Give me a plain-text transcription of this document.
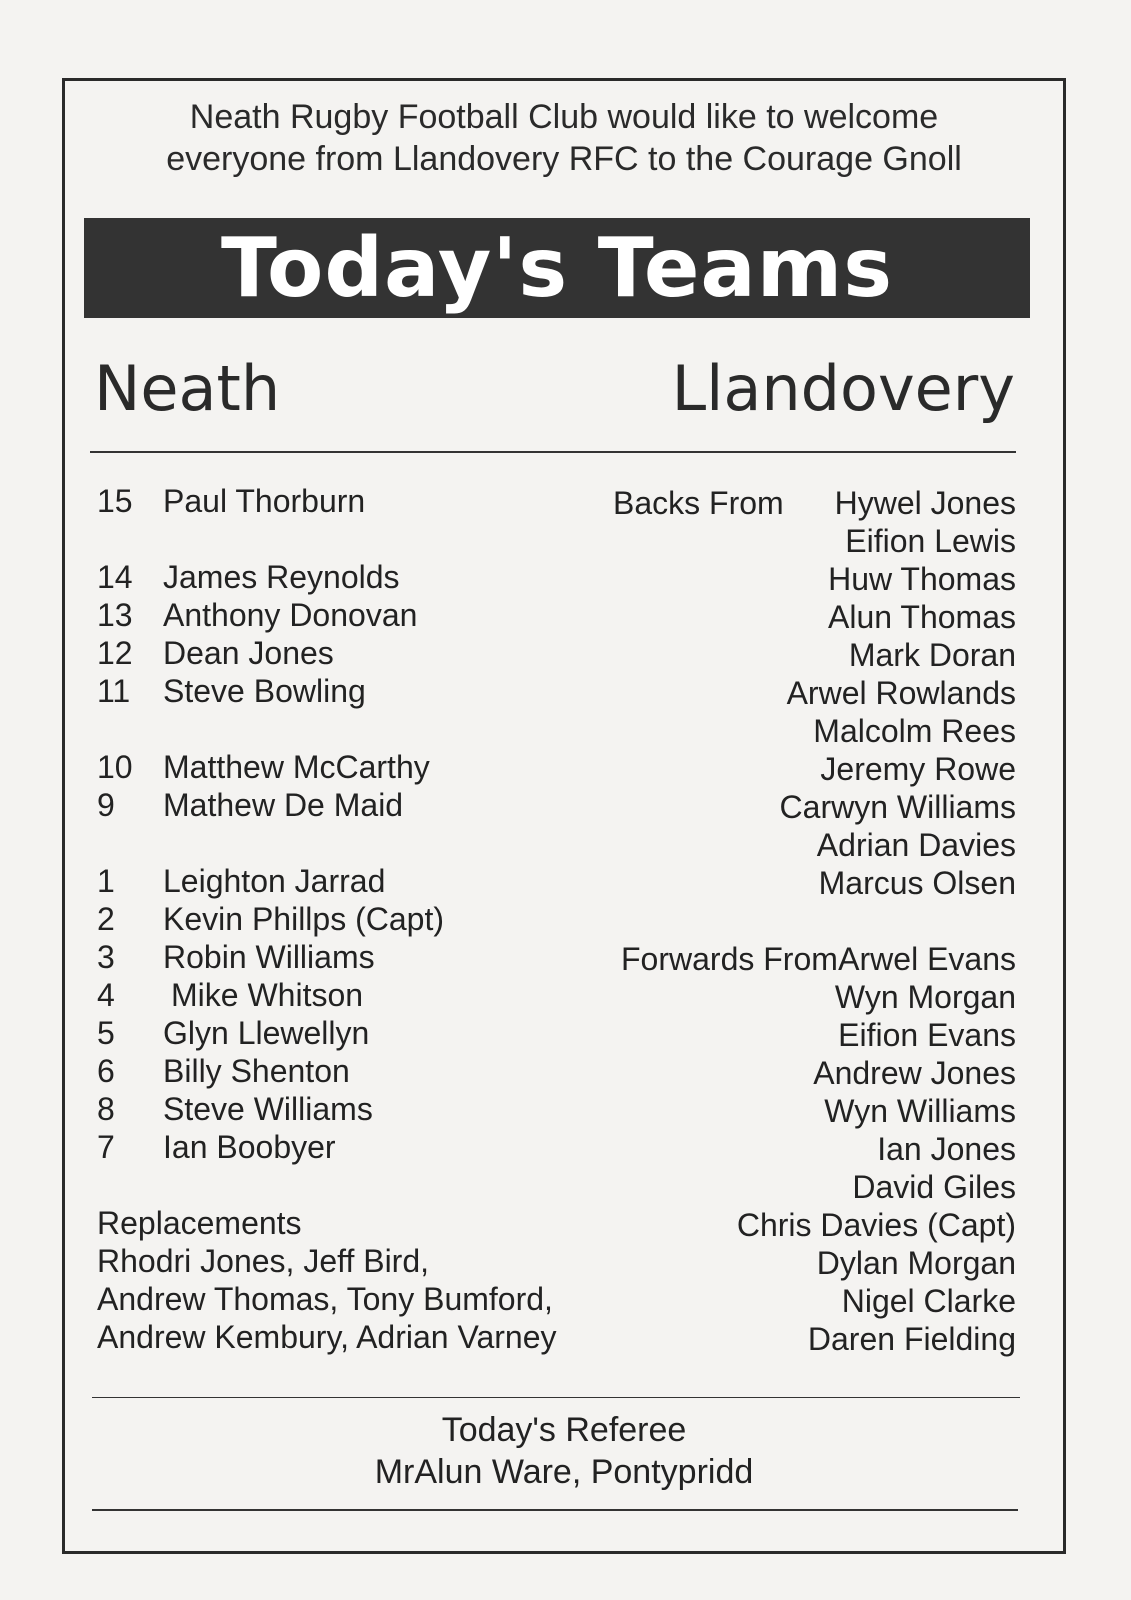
Neath Rugby Football Club would like to welcome
everyone from Llandovery RFC to the Courage Gnoll
Today's Teams
Neath	Llandovery
15 Paul Thorburn
14 James Reynolds
13 Anthony Donovan
12 Dean Jones
11 Steve Bowling
10 Matthew McCarthy
9 Mathew De Maid
1 Leighton Jarrad
2 Kevin Phillps (Capt)
3 Robin Williams
4 Mike Whitson
5 Glyn Llewellyn
6 Billy Shenton
8 Steve Williams
7 Ian Boobyer
Replacements
Rhodri Jones, Jeff Bird,
Andrew Thomas, Tony Bumford,
Andrew Kembury, Adrian Varney
Backs From Hywel Jones
Eifion Lewis
Huw Thomas
Alun Thomas
Mark Doran
Arwel Rowlands
Malcolm Rees
Jeremy Rowe
Carwyn Williams
Adrian Davies
Marcus Olsen
Forwards From Arwel Evans
Wyn Morgan
Eifion Evans
Andrew Jones
Wyn Williams
Ian Jones
David Giles
Chris Davies (Capt)
Dylan Morgan
Nigel Clarke
Daren Fielding
Today's Referee
MrAlun Ware, Pontypridd
